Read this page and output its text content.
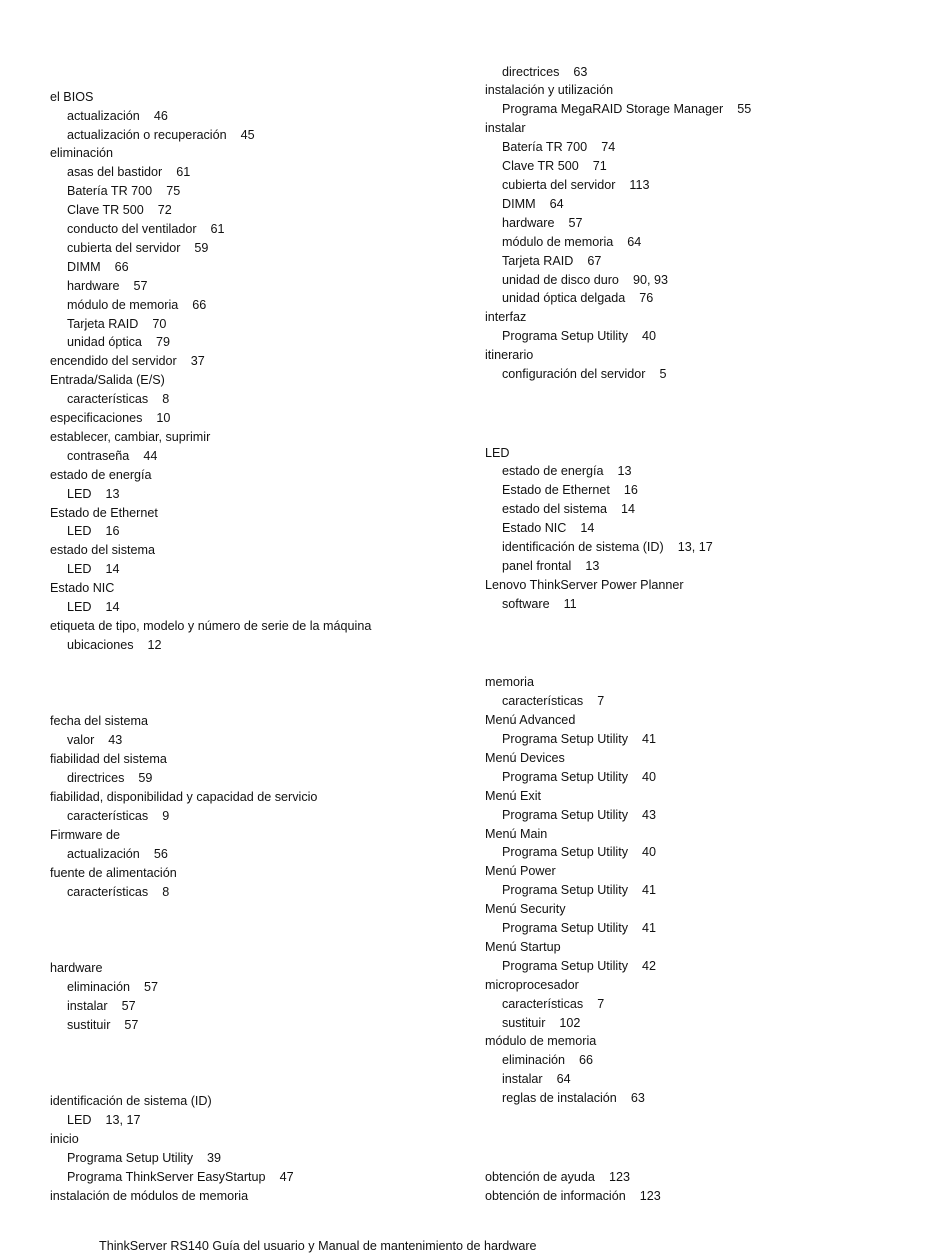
el BIOS
actualización 46
actualización o recuperación 45
eliminación
asas del bastidor 61
Batería TR 700 75
Clave TR 500 72
conducto del ventilador 61
cubierta del servidor 59
DIMM 66
hardware 57
módulo de memoria 66
Tarjeta RAID 70
unidad óptica 79
encendido del servidor 37
Entrada/Salida (E/S)
características 8
especificaciones 10
establecer, cambiar, suprimir
contraseña 44
estado de energía
LED 13
Estado de Ethernet
LED 16
estado del sistema
LED 14
Estado NIC
LED 14
etiqueta de tipo, modelo y número de serie de la máquina
ubicaciones 12
fecha del sistema
valor 43
fiabilidad del sistema
directrices 59
fiabilidad, disponibilidad y capacidad de servicio
características 9
Firmware de
actualización 56
fuente de alimentación
características 8
hardware
eliminación 57
instalar 57
sustituir 57
identificación de sistema (ID)
LED 13, 17
inicio
Programa Setup Utility 39
Programa ThinkServer EasyStartup 47
instalación de módulos de memoria
directrices 63
instalación y utilización
Programa MegaRAID Storage Manager 55
instalar
Batería TR 700 74
Clave TR 500 71
cubierta del servidor 113
DIMM 64
hardware 57
módulo de memoria 64
Tarjeta RAID 67
unidad de disco duro 90, 93
unidad óptica delgada 76
interfaz
Programa Setup Utility 40
itinerario
configuración del servidor 5
LED
estado de energía 13
Estado de Ethernet 16
estado del sistema 14
Estado NIC 14
identificación de sistema (ID) 13, 17
panel frontal 13
Lenovo ThinkServer Power Planner
software 11
memoria
características 7
Menú Advanced
Programa Setup Utility 41
Menú Devices
Programa Setup Utility 40
Menú Exit
Programa Setup Utility 43
Menú Main
Programa Setup Utility 40
Menú Power
Programa Setup Utility 41
Menú Security
Programa Setup Utility 41
Menú Startup
Programa Setup Utility 42
microprocesador
características 7
sustituir 102
módulo de memoria
eliminación 66
instalar 64
reglas de instalación 63
obtención de ayuda 123
obtención de información 123
ThinkServer RS140 Guía del usuario y Manual de mantenimiento de hardware
